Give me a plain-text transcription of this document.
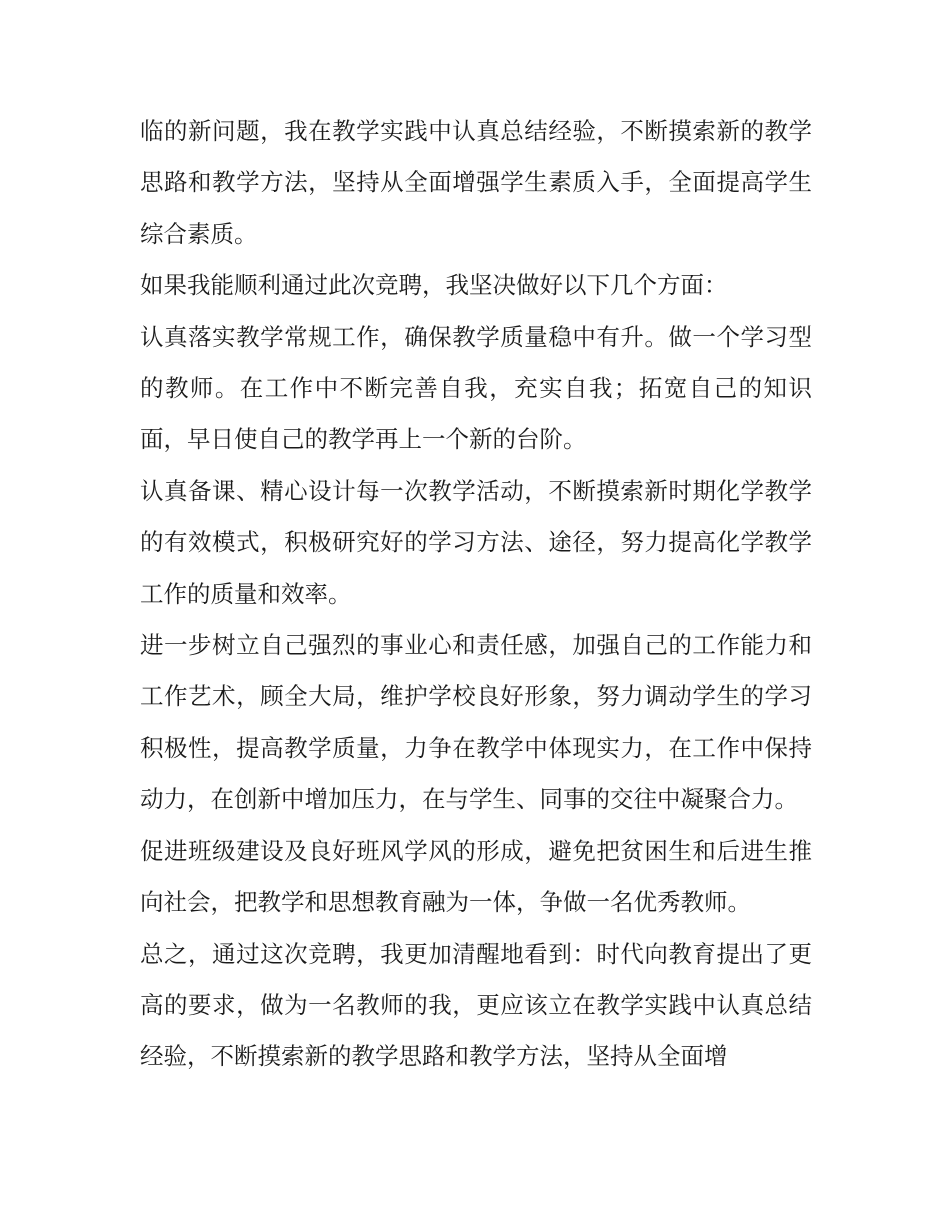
临的新问题，我在教学实践中认真总结经验，不断摸索新的教学思路和教学方法，坚持从全面增强学生素质入手，全面提高学生综合素质。

如果我能顺利通过此次竞聘，我坚决做好以下几个方面：

认真落实教学常规工作，确保教学质量稳中有升。做一个学习型的教师。在工作中不断完善自我，充实自我；拓宽自己的知识面，早日使自己的教学再上一个新的台阶。

认真备课、精心设计每一次教学活动，不断摸索新时期化学教学的有效模式，积极研究好的学习方法、途径，努力提高化学教学工作的质量和效率。

进一步树立自己强烈的事业心和责任感，加强自己的工作能力和工作艺术，顾全大局，维护学校良好形象，努力调动学生的学习积极性，提高教学质量，力争在教学中体现实力，在工作中保持动力，在创新中增加压力，在与学生、同事的交往中凝聚合力。

促进班级建设及良好班风学风的形成，避免把贫困生和后进生推向社会，把教学和思想教育融为一体，争做一名优秀教师。

总之，通过这次竞聘，我更加清醒地看到：时代向教育提出了更高的要求，做为一名教师的我，更应该立在教学实践中认真总结经验，不断摸索新的教学思路和教学方法，坚持从全面增
